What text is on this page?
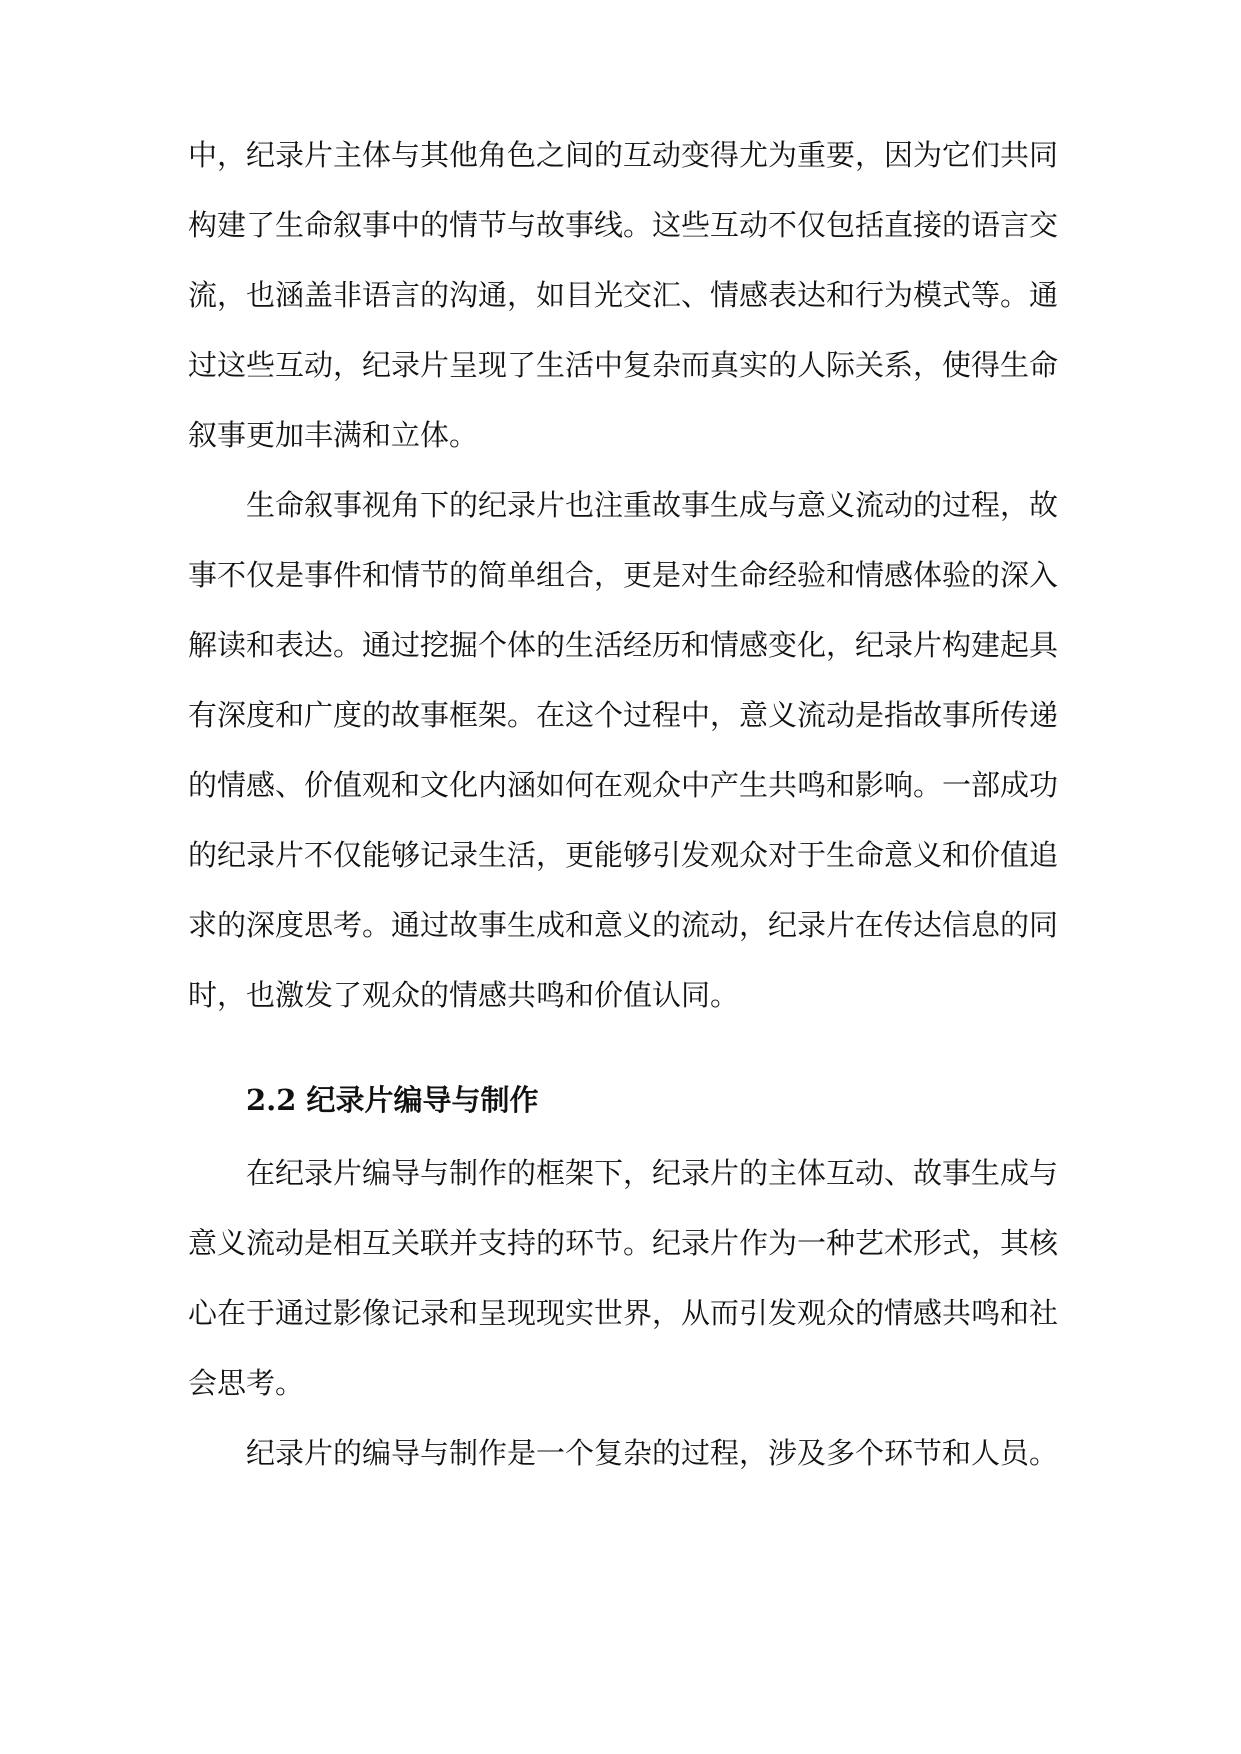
中，纪录片主体与其他角色之间的互动变得尤为重要，因为它们共同
构建了生命叙事中的情节与故事线。这些互动不仅包括直接的语言交
流，也涵盖非语言的沟通，如目光交汇、情感表达和行为模式等。通
过这些互动，纪录片呈现了生活中复杂而真实的人际关系，使得生命
叙事更加丰满和立体。
生命叙事视角下的纪录片也注重故事生成与意义流动的过程，故
事不仅是事件和情节的简单组合，更是对生命经验和情感体验的深入
解读和表达。通过挖掘个体的生活经历和情感变化，纪录片构建起具
有深度和广度的故事框架。在这个过程中，意义流动是指故事所传递
的情感、价值观和文化内涵如何在观众中产生共鸣和影响。一部成功
的纪录片不仅能够记录生活，更能够引发观众对于生命意义和价值追
求的深度思考。通过故事生成和意义的流动，纪录片在传达信息的同
时，也激发了观众的情感共鸣和价值认同。
2.2 纪录片编导与制作
在纪录片编导与制作的框架下，纪录片的主体互动、故事生成与
意义流动是相互关联并支持的环节。纪录片作为一种艺术形式，其核
心在于通过影像记录和呈现现实世界，从而引发观众的情感共鸣和社
会思考。
纪录片的编导与制作是一个复杂的过程，涉及多个环节和人员。
